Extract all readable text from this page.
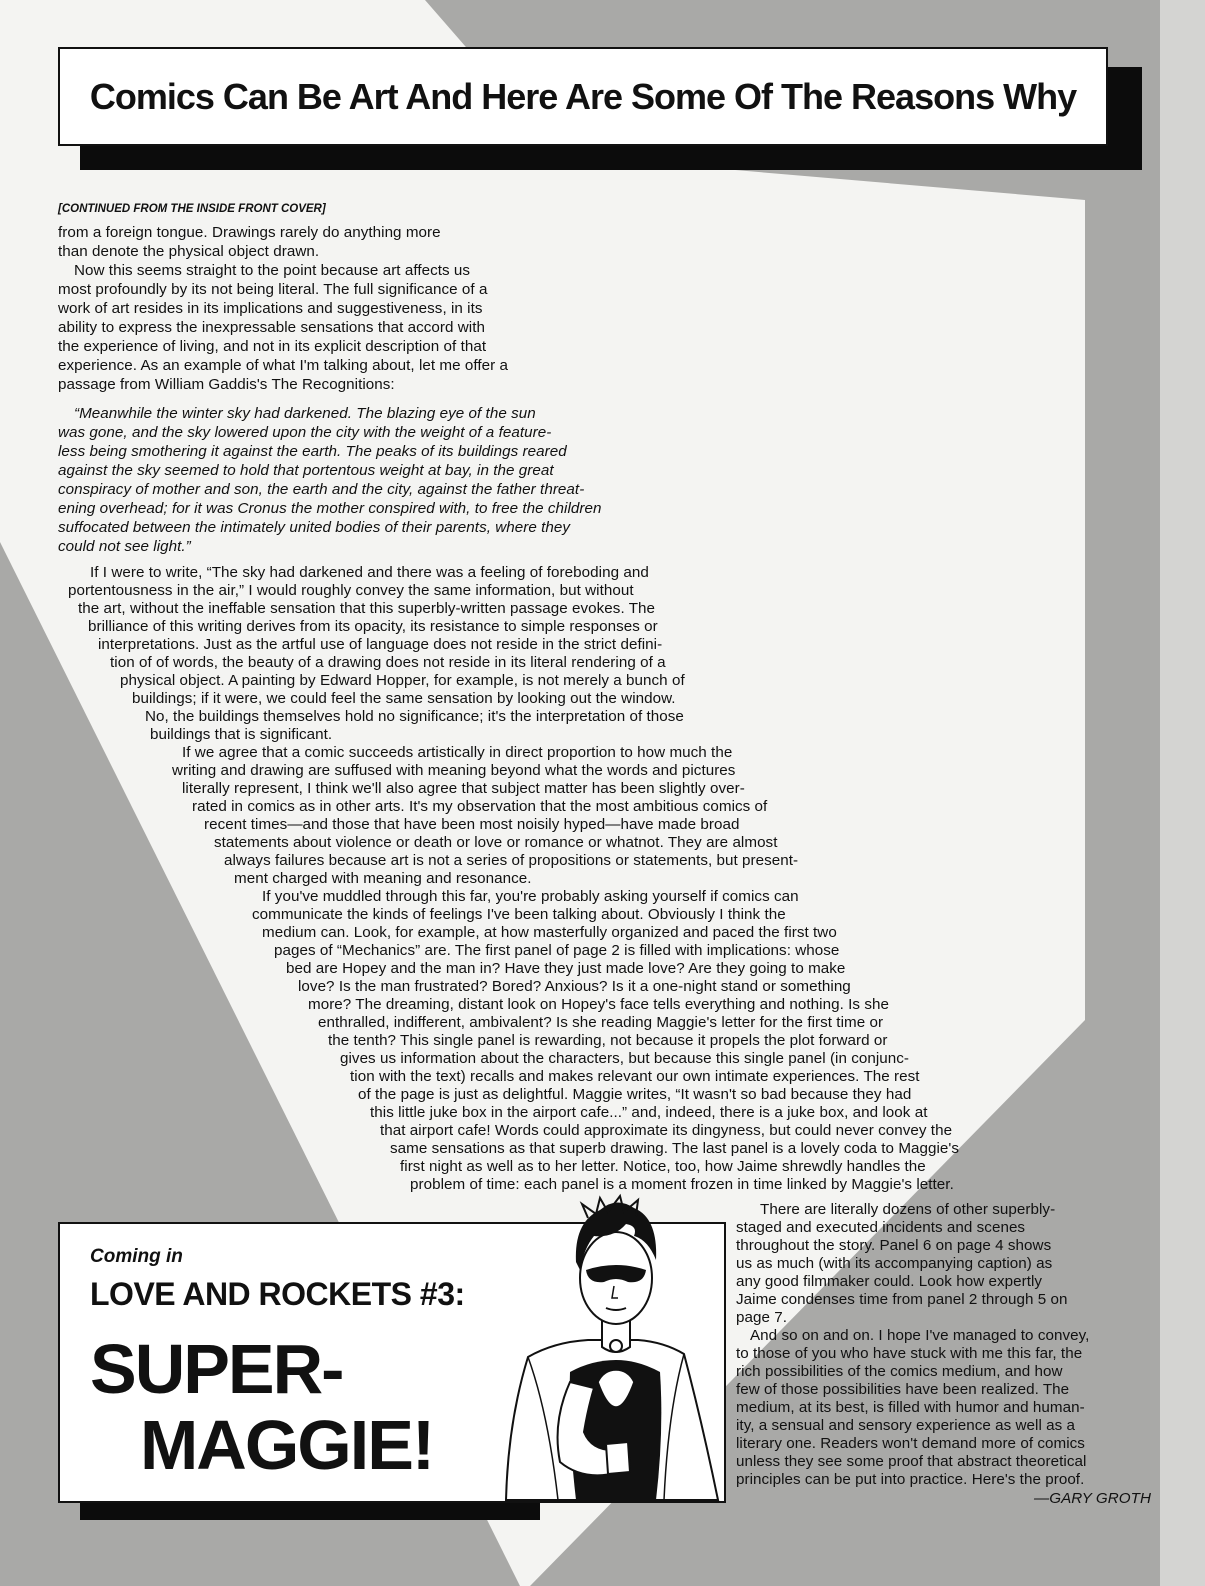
Comics Can Be Art And Here Are Some Of The Reasons Why

[CONTINUED FROM THE INSIDE FRONT COVER]

from a foreign tongue. Drawings rarely do anything more

than denote the physical object drawn.

Now this seems straight to the point because art affects us

most profoundly by its not being literal. The full significance of a

work of art resides in its implications and suggestiveness, in its

ability to express the inexpressable sensations that accord with

the experience of living, and not in its explicit description of that

experience. As an example of what I'm talking about, let me offer a

passage from William Gaddis's The Recognitions:

“Meanwhile the winter sky had darkened. The blazing eye of the sun

was gone, and the sky lowered upon the city with the weight of a feature-

less being smothering it against the earth. The peaks of its buildings reared

against the sky seemed to hold that portentous weight at bay, in the great

conspiracy of mother and son, the earth and the city, against the father threat-

ening overhead; for it was Cronus the mother conspired with, to free the children

suffocated between the intimately united bodies of their parents, where they

could not see light.”

If I were to write, “The sky had darkened and there was a feeling of foreboding and

portentousness in the air,” I would roughly convey the same information, but without

the art, without the ineffable sensation that this superbly-written passage evokes. The

brilliance of this writing derives from its opacity, its resistance to simple responses or

interpretations. Just as the artful use of language does not reside in the strict defini-

tion of of words, the beauty of a drawing does not reside in its literal rendering of a

physical object. A painting by Edward Hopper, for example, is not merely a bunch of

buildings; if it were, we could feel the same sensation by looking out the window.

No, the buildings themselves hold no significance; it's the interpretation of those

buildings that is significant.

If we agree that a comic succeeds artistically in direct proportion to how much the

writing and drawing are suffused with meaning beyond what the words and pictures

literally represent, I think we'll also agree that subject matter has been slightly over-

rated in comics as in other arts. It's my observation that the most ambitious comics of

recent times—and those that have been most noisily hyped—have made broad

statements about violence or death or love or romance or whatnot. They are almost

always failures because art is not a series of propositions or statements, but present-

ment charged with meaning and resonance.

If you've muddled through this far, you're probably asking yourself if comics can

communicate the kinds of feelings I've been talking about. Obviously I think the

medium can. Look, for example, at how masterfully organized and paced the first two

pages of “Mechanics” are. The first panel of page 2 is filled with implications: whose

bed are Hopey and the man in? Have they just made love? Are they going to make

love? Is the man frustrated? Bored? Anxious? Is it a one-night stand or something

more? The dreaming, distant look on Hopey's face tells everything and nothing. Is she

enthralled, indifferent, ambivalent? Is she reading Maggie's letter for the first time or

the tenth? This single panel is rewarding, not because it propels the plot forward or

gives us information about the characters, but because this single panel (in conjunc-

tion with the text) recalls and makes relevant our own intimate experiences. The rest

of the page is just as delightful. Maggie writes, “It wasn't so bad because they had

this little juke box in the airport cafe...” and, indeed, there is a juke box, and look at

that airport cafe! Words could approximate its dingyness, but could never convey the

same sensations as that superb drawing. The last panel is a lovely coda to Maggie's

first night as well as to her letter. Notice, too, how Jaime shrewdly handles the

problem of time: each panel is a moment frozen in time linked by Maggie's letter.

There are literally dozens of other superbly-

staged and executed incidents and scenes

throughout the story. Panel 6 on page 4 shows

us as much (with its accompanying caption) as

any good filmmaker could. Look how expertly

Jaime condenses time from panel 2 through 5 on

page 7.

And so on and on. I hope I've managed to convey,

to those of you who have stuck with me this far, the

rich possibilities of the comics medium, and how

few of those possibilities have been realized. The

medium, at its best, is filled with humor and human-

ity, a sensual and sensory experience as well as a

literary one. Readers won't demand more of comics

unless they see some proof that abstract theoretical

principles can be put into practice. Here's the proof.

—GARY GROTH

Coming in

LOVE AND ROCKETS #3:

SUPER-

MAGGIE!
